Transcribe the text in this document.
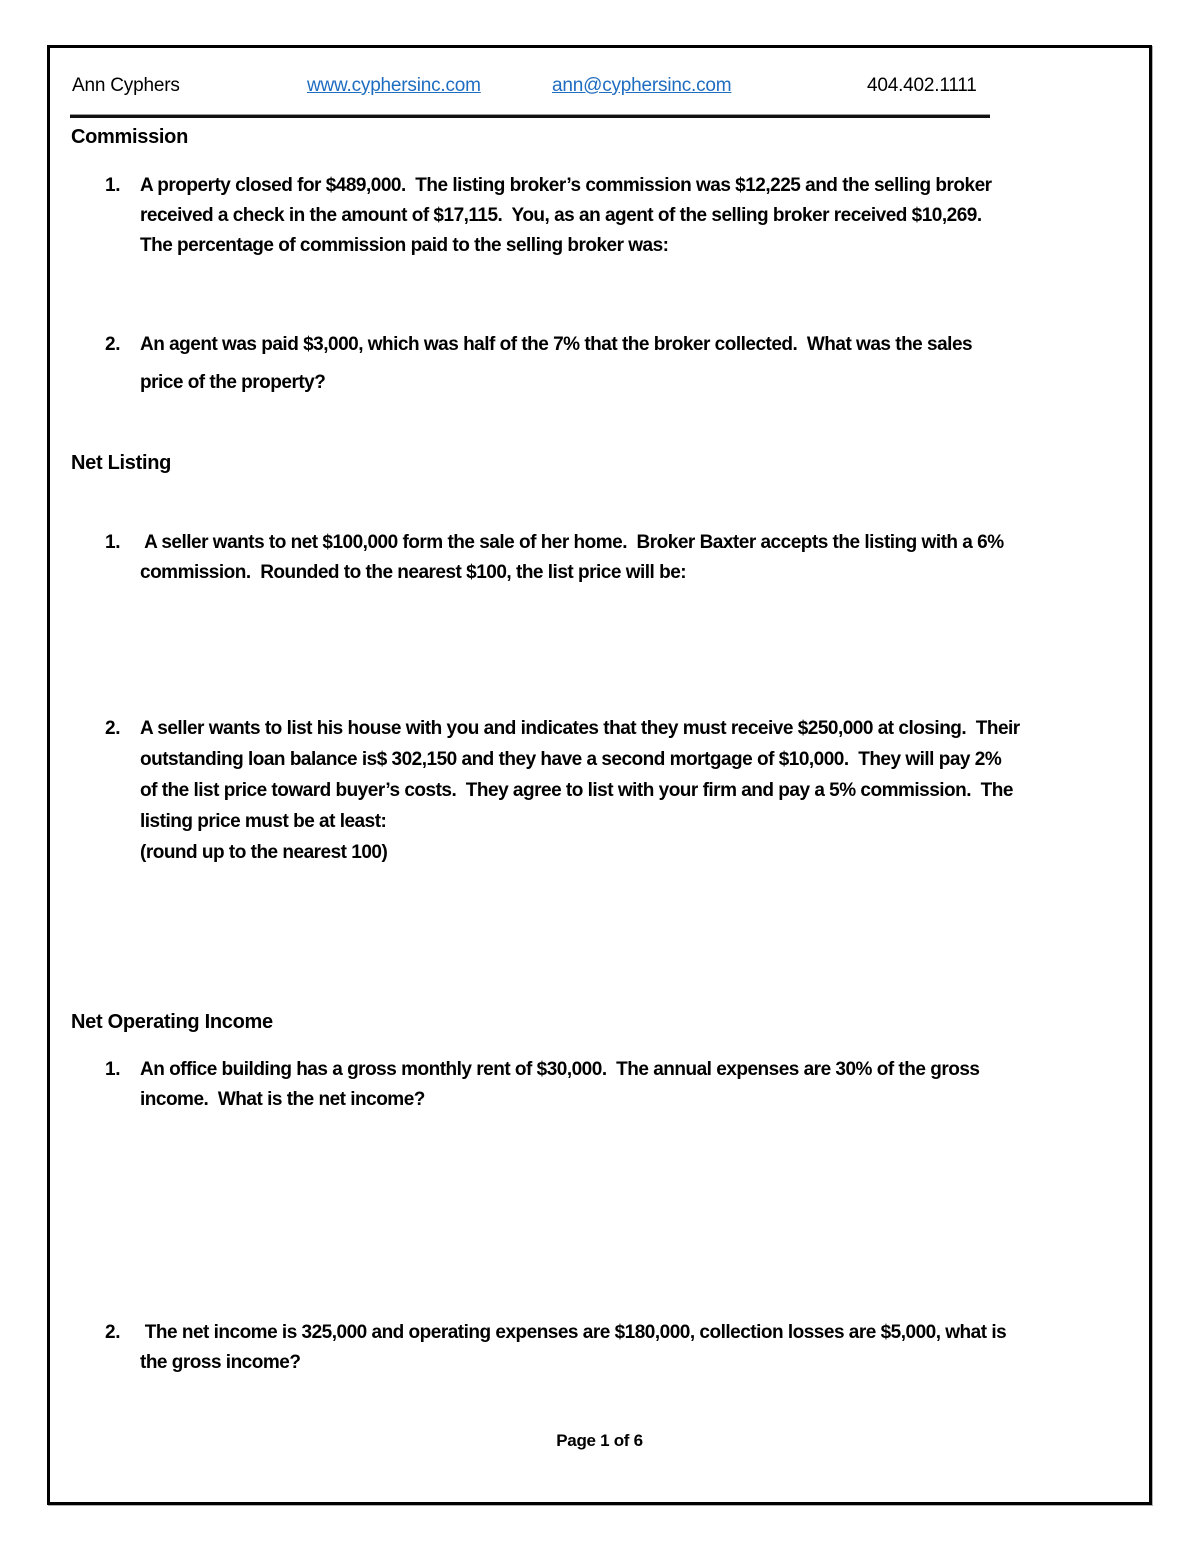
Ann Cyphers	www.cyphersinc.com	ann@cyphersinc.com	404.402.1111
Commission
1. A property closed for $489,000.  The listing broker’s commission was $12,225 and the selling broker
received a check in the amount of $17,115.  You, as an agent of the selling broker received $10,269.
The percentage of commission paid to the selling broker was:
2. An agent was paid $3,000, which was half of the 7% that the broker collected.  What was the sales
price of the property?
Net Listing
1. A seller wants to net $100,000 form the sale of her home.  Broker Baxter accepts the listing with a 6%
commission.  Rounded to the nearest $100, the list price will be:
2. A seller wants to list his house with you and indicates that they must receive $250,000 at closing.  Their
outstanding loan balance is$ 302,150 and they have a second mortgage of $10,000.  They will pay 2%
of the list price toward buyer’s costs.  They agree to list with your firm and pay a 5% commission.  The
listing price must be at least:
(round up to the nearest 100)
Net Operating Income
1. An office building has a gross monthly rent of $30,000.  The annual expenses are 30% of the gross
income.  What is the net income?
2. The net income is 325,000 and operating expenses are $180,000, collection losses are $5,000, what is
the gross income?
Page 1 of 6
